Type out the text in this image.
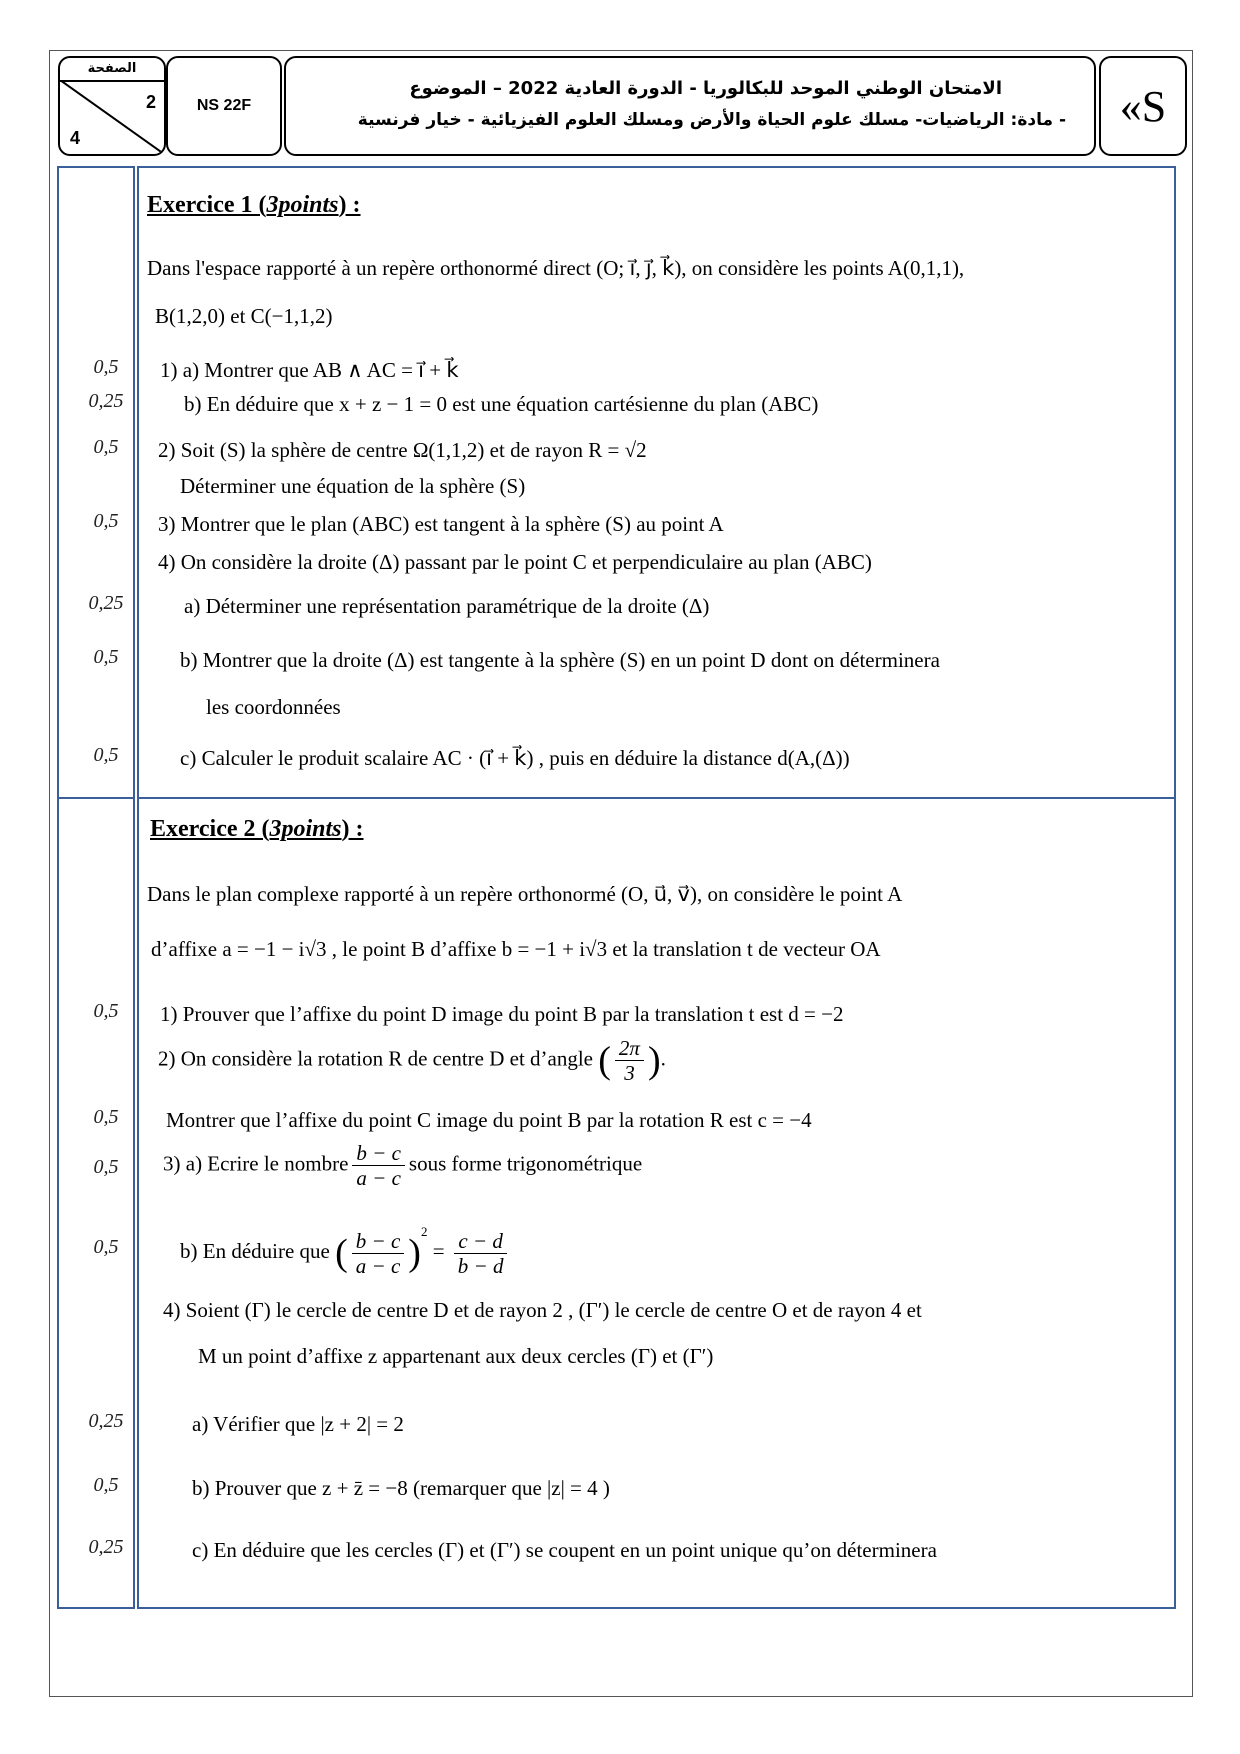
الصفحة
2
4
NS 22F
الامتحان الوطني الموحد للبكالوريا - الدورة العادية 2022 – الموضوع
- مادة: الرياضيات- مسلك علوم الحياة والأرض ومسلك العلوم الفيزيائية - خيار فرنسية	«S
Exercice 1 (3points) :
Dans l'espace rapporté à un repère orthonormé direct (O; i⃗, j⃗, k⃗), on considère les points A(0,1,1),
B(1,2,0) et C(−1,1,2)
0,5	1) a) Montrer que AB ∧ AC = i⃗ + k⃗
0,25	b) En déduire que x + z − 1 = 0 est une équation cartésienne du plan (ABC)
0,5	2) Soit (S) la sphère de centre Ω(1,1,2) et de rayon R = √2
Déterminer une équation de la sphère (S)
0,5	3) Montrer que le plan (ABC) est tangent à la sphère (S) au point A
4) On considère la droite (Δ) passant par le point C et perpendiculaire au plan (ABC)
0,25	a) Déterminer une représentation paramétrique de la droite (Δ)
0,5	b) Montrer que la droite (Δ) est tangente à la sphère (S) en un point D dont on déterminera
les coordonnées
0,5	c) Calculer le produit scalaire AC · (i⃗ + k⃗) , puis en déduire la distance d(A,(Δ))
Exercice 2 (3points) :
Dans le plan complexe rapporté à un repère orthonormé (O, u⃗, v⃗), on considère le point A
d’affixe a = −1 − i√3 , le point B d’affixe b = −1 + i√3 et la translation t de vecteur OA
0,5	1) Prouver que l’affixe du point D image du point B par la translation t est d = −2
2) On considère la rotation R de centre D et d’angle ( $\frac{2\pi}{3}$ ).
0,5	Montrer que l’affixe du point C image du point B par la rotation R est c = −4
0,5	3) a) Ecrire le nombre $\frac{b - c}{a - c}$ sous forme trigonométrique
0,5	b) En déduire que ( $\frac{b - c}{a - c} )^2 = \frac{c - d}{b - d}$
4) Soient (Γ) le cercle de centre D et de rayon 2 , (Γ′) le cercle de centre O et de rayon 4 et
M un point d’affixe z appartenant aux deux cercles (Γ) et (Γ′)
0,25	a) Vérifier que |z + 2| = 2
0,5	b) Prouver que z + z̄ = −8 (remarquer que |z| = 4 )
0,25	c) En déduire que les cercles (Γ) et (Γ′) se coupent en un point unique qu’on déterminera
